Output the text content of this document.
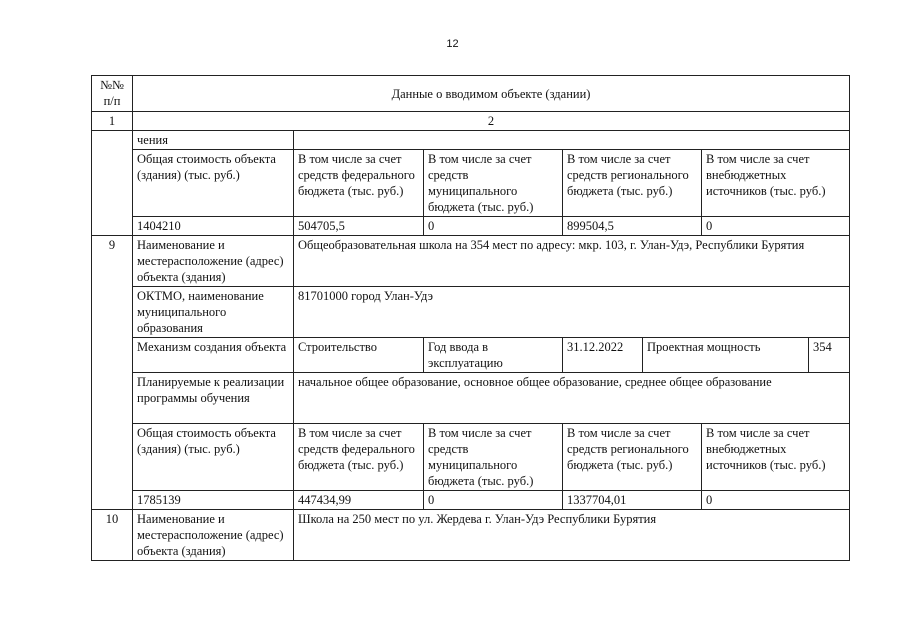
12
№№ п/п	Данные о вводимом объекте (здании)						
1	2						
	чения						
	Общая стоимость объекта (здания) (тыс. руб.)	В том числе за счет средств федерального бюджета (тыс. руб.)	В том числе за счет средств муниципального бюджета (тыс. руб.)	В том числе за счет средств регионального бюджета (тыс. руб.)		В том числе за счет внебюджетных источников (тыс. руб.)	
	1404210	504705,5	0	899504,5		0	
9	Наименование и местерасположение (адрес) объекта (здания)	Общеобразовательная школа на 354 мест по адресу: мкр. 103, г. Улан-Удэ, Республики Бурятия					
	ОКТМО, наименование муниципального образования	81701000 город Улан-Удэ					
	Механизм создания объекта	Строительство	Год ввода в эксплуатацию	31.12.2022	Проектная мощность		354
	Планируемые к реализации программы обучения	начальное общее образование, основное общее образование, среднее общее образование					
	Общая стоимость объекта (здания) (тыс. руб.)	В том числе за счет средств федерального бюджета (тыс. руб.)	В том числе за счет средств муниципального бюджета (тыс. руб.)	В том числе за счет средств регионального бюджета (тыс. руб.)		В том числе за счет внебюджетных источников (тыс. руб.)	
	1785139	447434,99	0	1337704,01		0	
10	Наименование и местерасположение (адрес) объекта (здания)	Школа на 250 мест по ул. Жердева г. Улан-Удэ Республики Бурятия					
